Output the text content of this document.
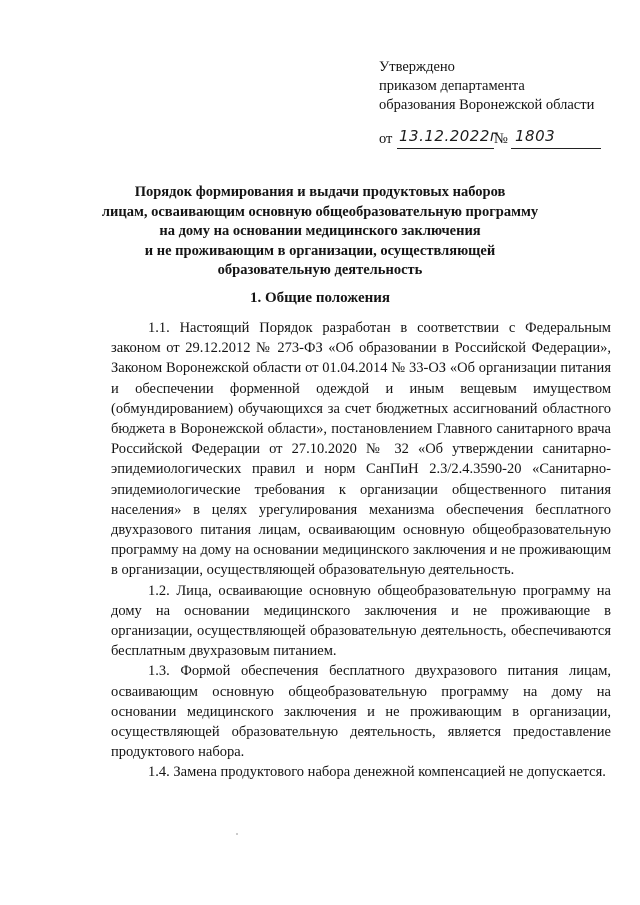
Утверждено
приказом департамента
образования Воронежской области
от 13.12.2022г
№ 1803
Порядок формирования и выдачи продуктовых наборов
лицам, осваивающим основную общеобразовательную программу
на дому на основании медицинского заключения
и не проживающим в организации, осуществляющей
образовательную деятельность
1. Общие положения

1.1. Настоящий Порядок разработан в соответствии с Федеральным законом от 29.12.2012 № 273-ФЗ «Об образовании в Российской Федерации», Законом Воронежской области от 01.04.2014 № 33-ОЗ «Об организации питания и обеспечении форменной одеждой и иным вещевым имуществом (обмундированием) обучающихся за счет бюджетных ассигнований областного бюджета в Воронежской области», постановлением Главного санитарного врача Российской Федерации от 27.10.2020 № 32 «Об утверждении санитарно-эпидемиологических правил и норм СанПиН 2.3/2.4.3590-20 «Санитарно-эпидемиологические требования к организации общественного питания населения» в целях урегулирования механизма обеспечения бесплатного двухразового питания лицам, осваивающим основную общеобразовательную программу на дому на основании медицинского заключения и не проживающим в организации, осуществляющей образовательную деятельность.

1.2. Лица, осваивающие основную общеобразовательную программу на дому на основании медицинского заключения и не проживающие в организации, осуществляющей образовательную деятельность, обеспечиваются бесплатным двухразовым питанием.

1.3. Формой обеспечения бесплатного двухразового питания лицам, осваивающим основную общеобразовательную программу на дому на основании медицинского заключения и не проживающим в организации, осуществляющей образовательную деятельность, является предоставление продуктового набора.

1.4. Замена продуктового набора денежной компенсацией не допускается.
